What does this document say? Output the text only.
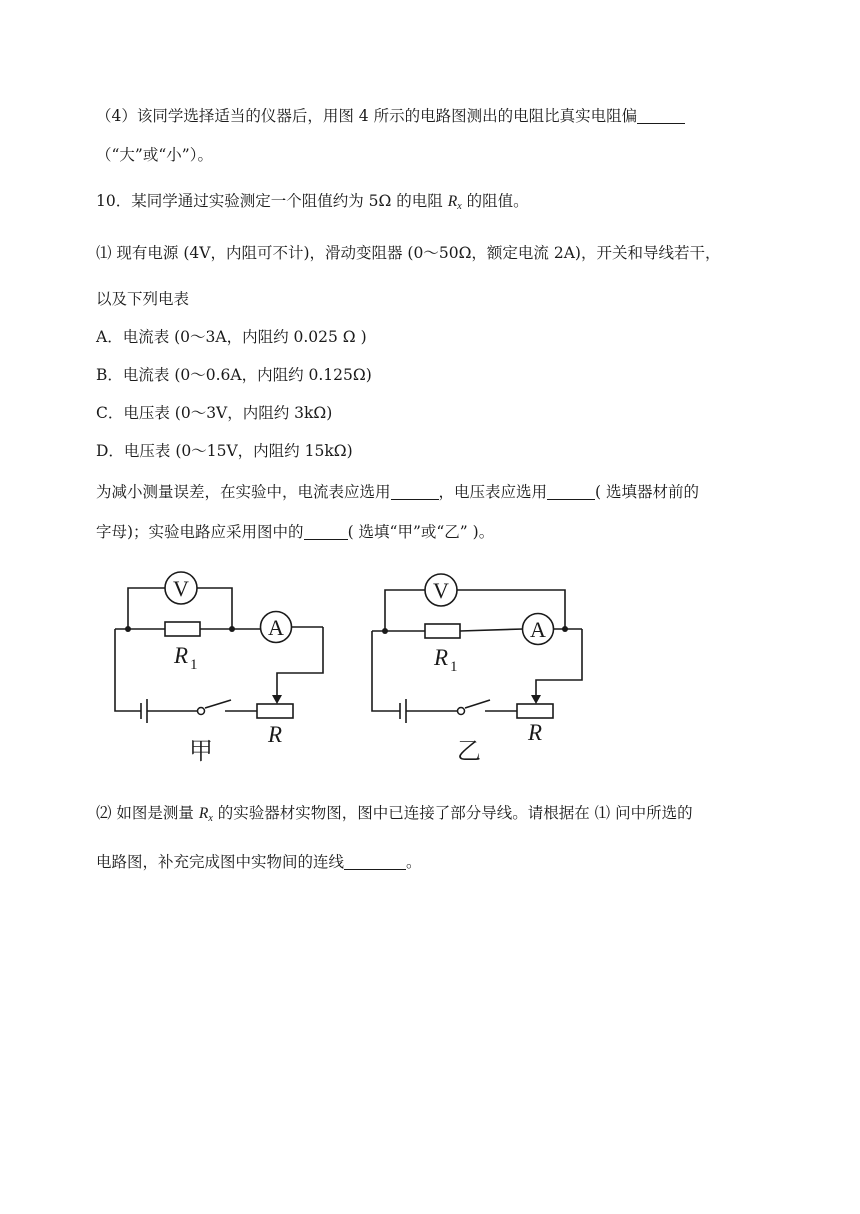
（4）该同学选择适当的仪器后，用图 4 所示的电路图测出的电阻比真实电阻偏
（“大”或“小”）。
10．某同学通过实验测定一个阻值约为 5Ω 的电阻 $R_x$ 的阻值。
⑴ 现有电源 (4V，内阻可不计)，滑动变阻器 (0～50Ω，额定电流 2A)，开关和导线若干，
以及下列电表
A．电流表 (0～3A，内阻约 0.025 Ω )
B．电流表 (0～0.6A，内阻约 0.125Ω)
C．电压表 (0～3V，内阻约 3kΩ)
D．电压表 (0～15V，内阻约 15kΩ)
为减小测量误差，在实验中，电流表应选用	，电压表应选用	( 选填器材前的
字母)；实验电路应采用图中的	( 选填“甲”或“乙” )。
V
A
R 1
R
甲
V
A
R 1
R
乙
⑵ 如图是测量 $R_x$ 的实验器材实物图，图中已连接了部分导线。请根据在 ⑴ 问中所选的
电路图，补充完成图中实物间的连线	。
